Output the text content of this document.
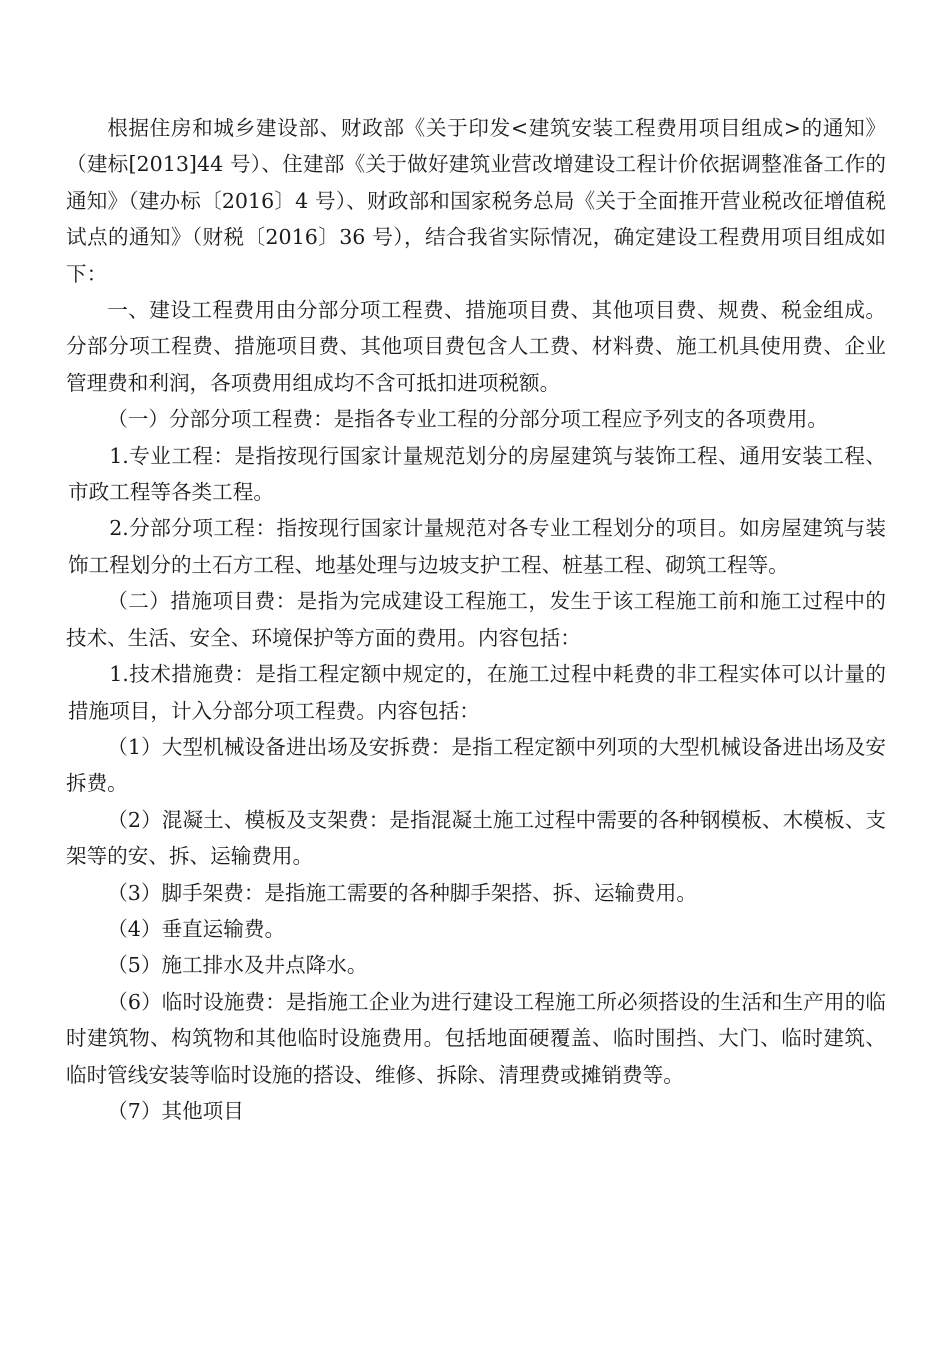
根据住房和城乡建设部、财政部《关于印发<建筑安装工程费用项目组成>的通知》（建标[2013]44 号）、住建部《关于做好建筑业营改增建设工程计价依据调整准备工作的通知》（建办标〔2016〕4 号）、财政部和国家税务总局《关于全面推开营业税改征增值税试点的通知》（财税〔2016〕36 号），结合我省实际情况，确定建设工程费用项目组成如下：

一、建设工程费用由分部分项工程费、措施项目费、其他项目费、规费、税金组成。分部分项工程费、措施项目费、其他项目费包含人工费、材料费、施工机具使用费、企业管理费和利润，各项费用组成均不含可抵扣进项税额。

（一）分部分项工程费：是指各专业工程的分部分项工程应予列支的各项费用。

1.专业工程：是指按现行国家计量规范划分的房屋建筑与装饰工程、通用安装工程、市政工程等各类工程。

2.分部分项工程：指按现行国家计量规范对各专业工程划分的项目。如房屋建筑与装饰工程划分的土石方工程、地基处理与边坡支护工程、桩基工程、砌筑工程等。

（二）措施项目费：是指为完成建设工程施工，发生于该工程施工前和施工过程中的技术、生活、安全、环境保护等方面的费用。内容包括：

1.技术措施费：是指工程定额中规定的，在施工过程中耗费的非工程实体可以计量的措施项目，计入分部分项工程费。内容包括：

（1）大型机械设备进出场及安拆费：是指工程定额中列项的大型机械设备进出场及安拆费。

（2）混凝土、模板及支架费：是指混凝土施工过程中需要的各种钢模板、木模板、支架等的安、拆、运输费用。

（3）脚手架费：是指施工需要的各种脚手架搭、拆、运输费用。

（4）垂直运输费。

（5）施工排水及井点降水。

（6）临时设施费：是指施工企业为进行建设工程施工所必须搭设的生活和生产用的临时建筑物、构筑物和其他临时设施费用。包括地面硬覆盖、临时围挡、大门、临时建筑、临时管线安装等临时设施的搭设、维修、拆除、清理费或摊销费等。

（7）其他项目
